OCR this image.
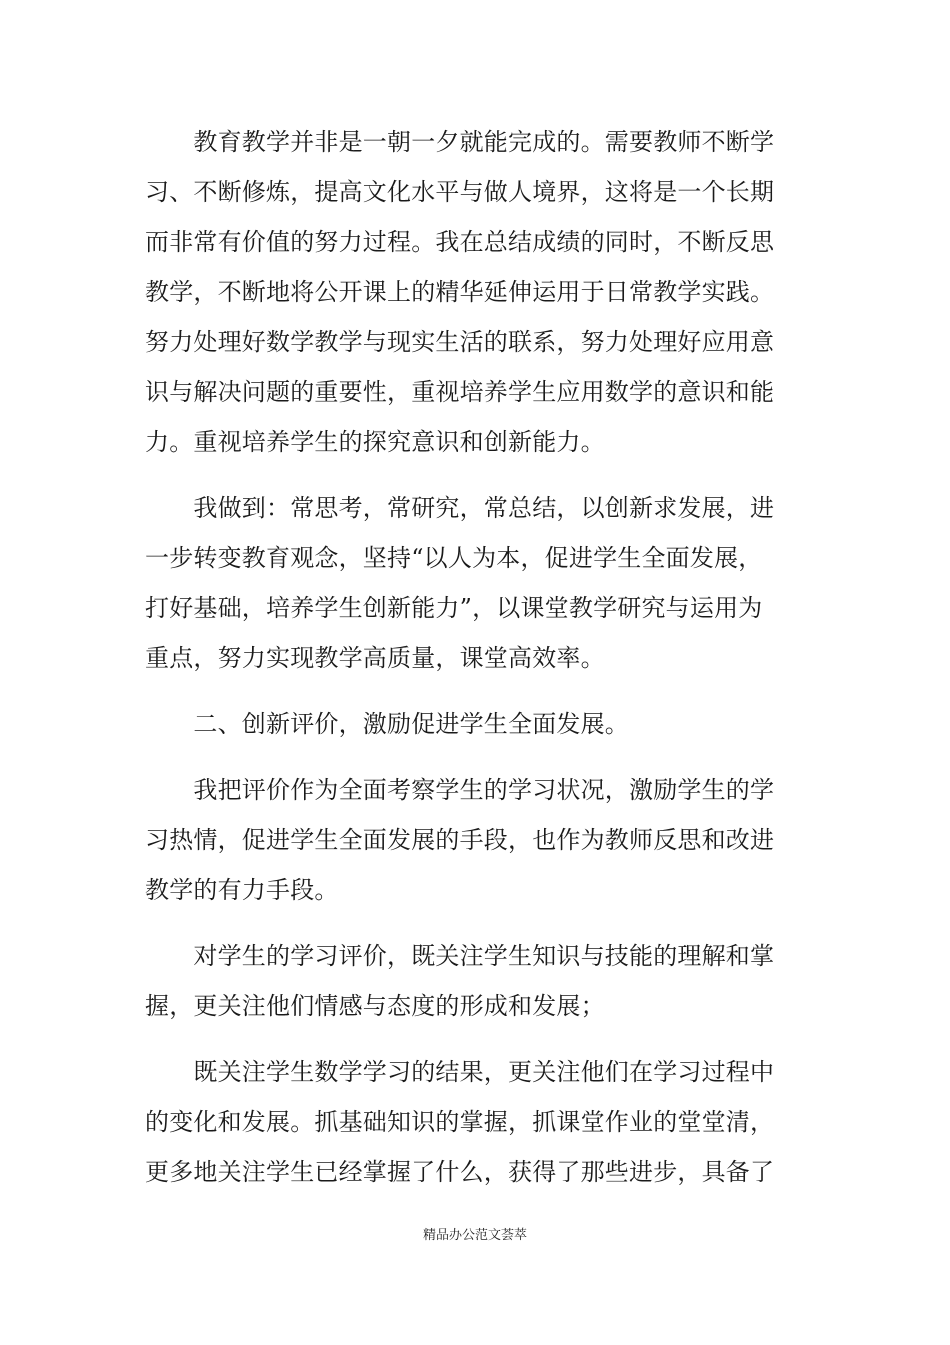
　　教育教学并非是一朝一夕就能完成的。需要教师不断学
习、不断修炼，提高文化水平与做人境界，这将是一个长期
而非常有价值的努力过程。我在总结成绩的同时，不断反思
教学，不断地将公开课上的精华延伸运用于日常教学实践。
努力处理好数学教学与现实生活的联系，努力处理好应用意
识与解决问题的重要性，重视培养学生应用数学的意识和能
力。重视培养学生的探究意识和创新能力。
　　我做到：常思考，常研究，常总结，以创新求发展，进
一步转变教育观念，坚持“以人为本，促进学生全面发展，
打好基础，培养学生创新能力”，以课堂教学研究与运用为
重点，努力实现教学高质量，课堂高效率。
　　二、创新评价，激励促进学生全面发展。
　　我把评价作为全面考察学生的学习状况，激励学生的学
习热情，促进学生全面发展的手段，也作为教师反思和改进
教学的有力手段。
　　对学生的学习评价，既关注学生知识与技能的理解和掌
握，更关注他们情感与态度的形成和发展；
　　既关注学生数学学习的结果，更关注他们在学习过程中
的变化和发展。抓基础知识的掌握，抓课堂作业的堂堂清，
更多地关注学生已经掌握了什么，获得了那些进步，具备了
精品办公范文荟萃
